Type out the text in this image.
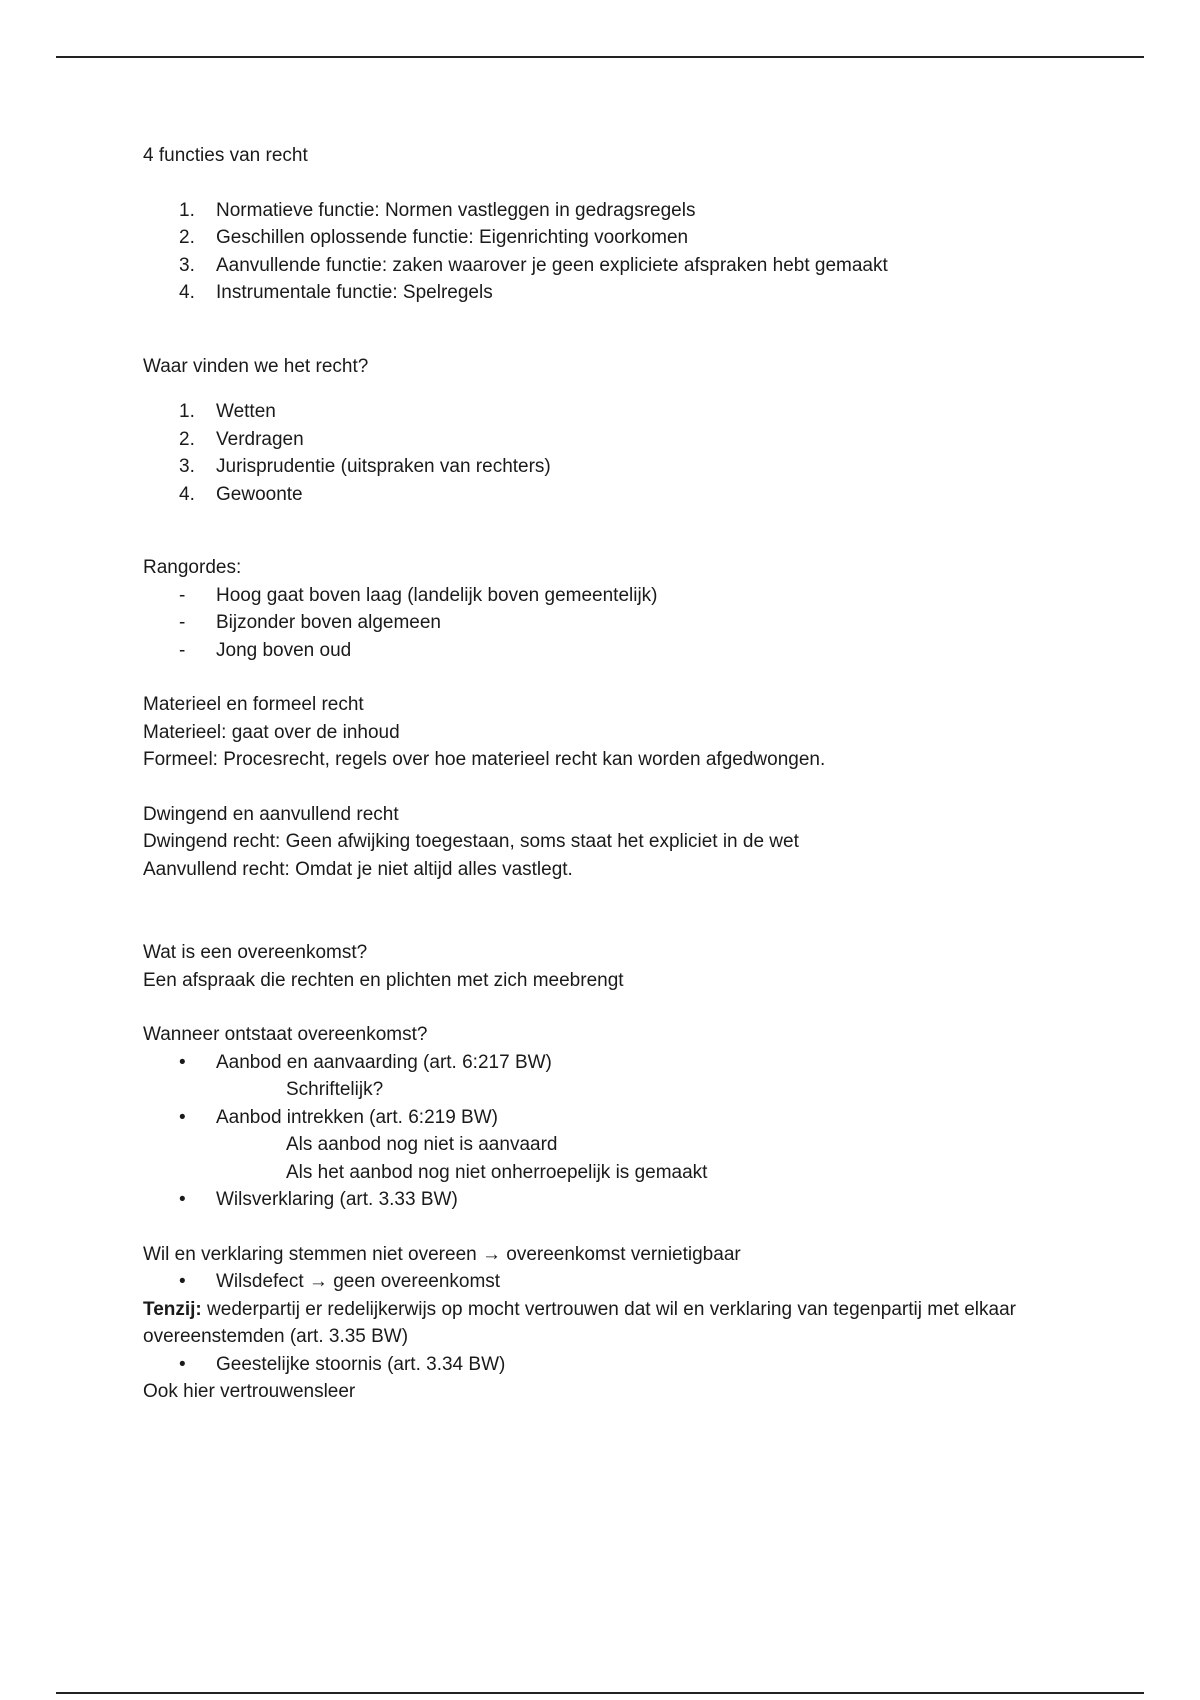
4 functies van recht

1. Normatieve functie: Normen vastleggen in gedragsregels
2. Geschillen oplossende functie: Eigenrichting voorkomen
3. Aanvullende functie: zaken waarover je geen expliciete afspraken hebt gemaakt
4. Instrumentale functie: Spelregels

Waar vinden we het recht?

1. Wetten
2. Verdragen
3. Jurisprudentie (uitspraken van rechters)
4. Gewoonte

Rangordes:

- Hoog gaat boven laag (landelijk boven gemeentelijk)
- Bijzonder boven algemeen
- Jong boven oud

Materieel en formeel recht

Materieel: gaat over de inhoud

Formeel: Procesrecht, regels over hoe materieel recht kan worden afgedwongen.

Dwingend en aanvullend recht

Dwingend recht: Geen afwijking toegestaan, soms staat het expliciet in de wet

Aanvullend recht: Omdat je niet altijd alles vastlegt.

Wat is een overeenkomst?

Een afspraak die rechten en plichten met zich meebrengt

Wanneer ontstaat overeenkomst?

• Aanbod en aanvaarding (art. 6:217 BW)
Schriftelijk?
• Aanbod intrekken (art. 6:219 BW)
Als aanbod nog niet is aanvaard
Als het aanbod nog niet onherroepelijk is gemaakt
• Wilsverklaring (art. 3.33 BW)

Wil en verklaring stemmen niet overeen → overeenkomst vernietigbaar

• Wilsdefect → geen overeenkomst

Tenzij: wederpartij er redelijkerwijs op mocht vertrouwen dat wil en verklaring van tegenpartij met elkaar overeenstemden (art. 3.35 BW)

• Geestelijke stoornis (art. 3.34 BW)

Ook hier vertrouwensleer
